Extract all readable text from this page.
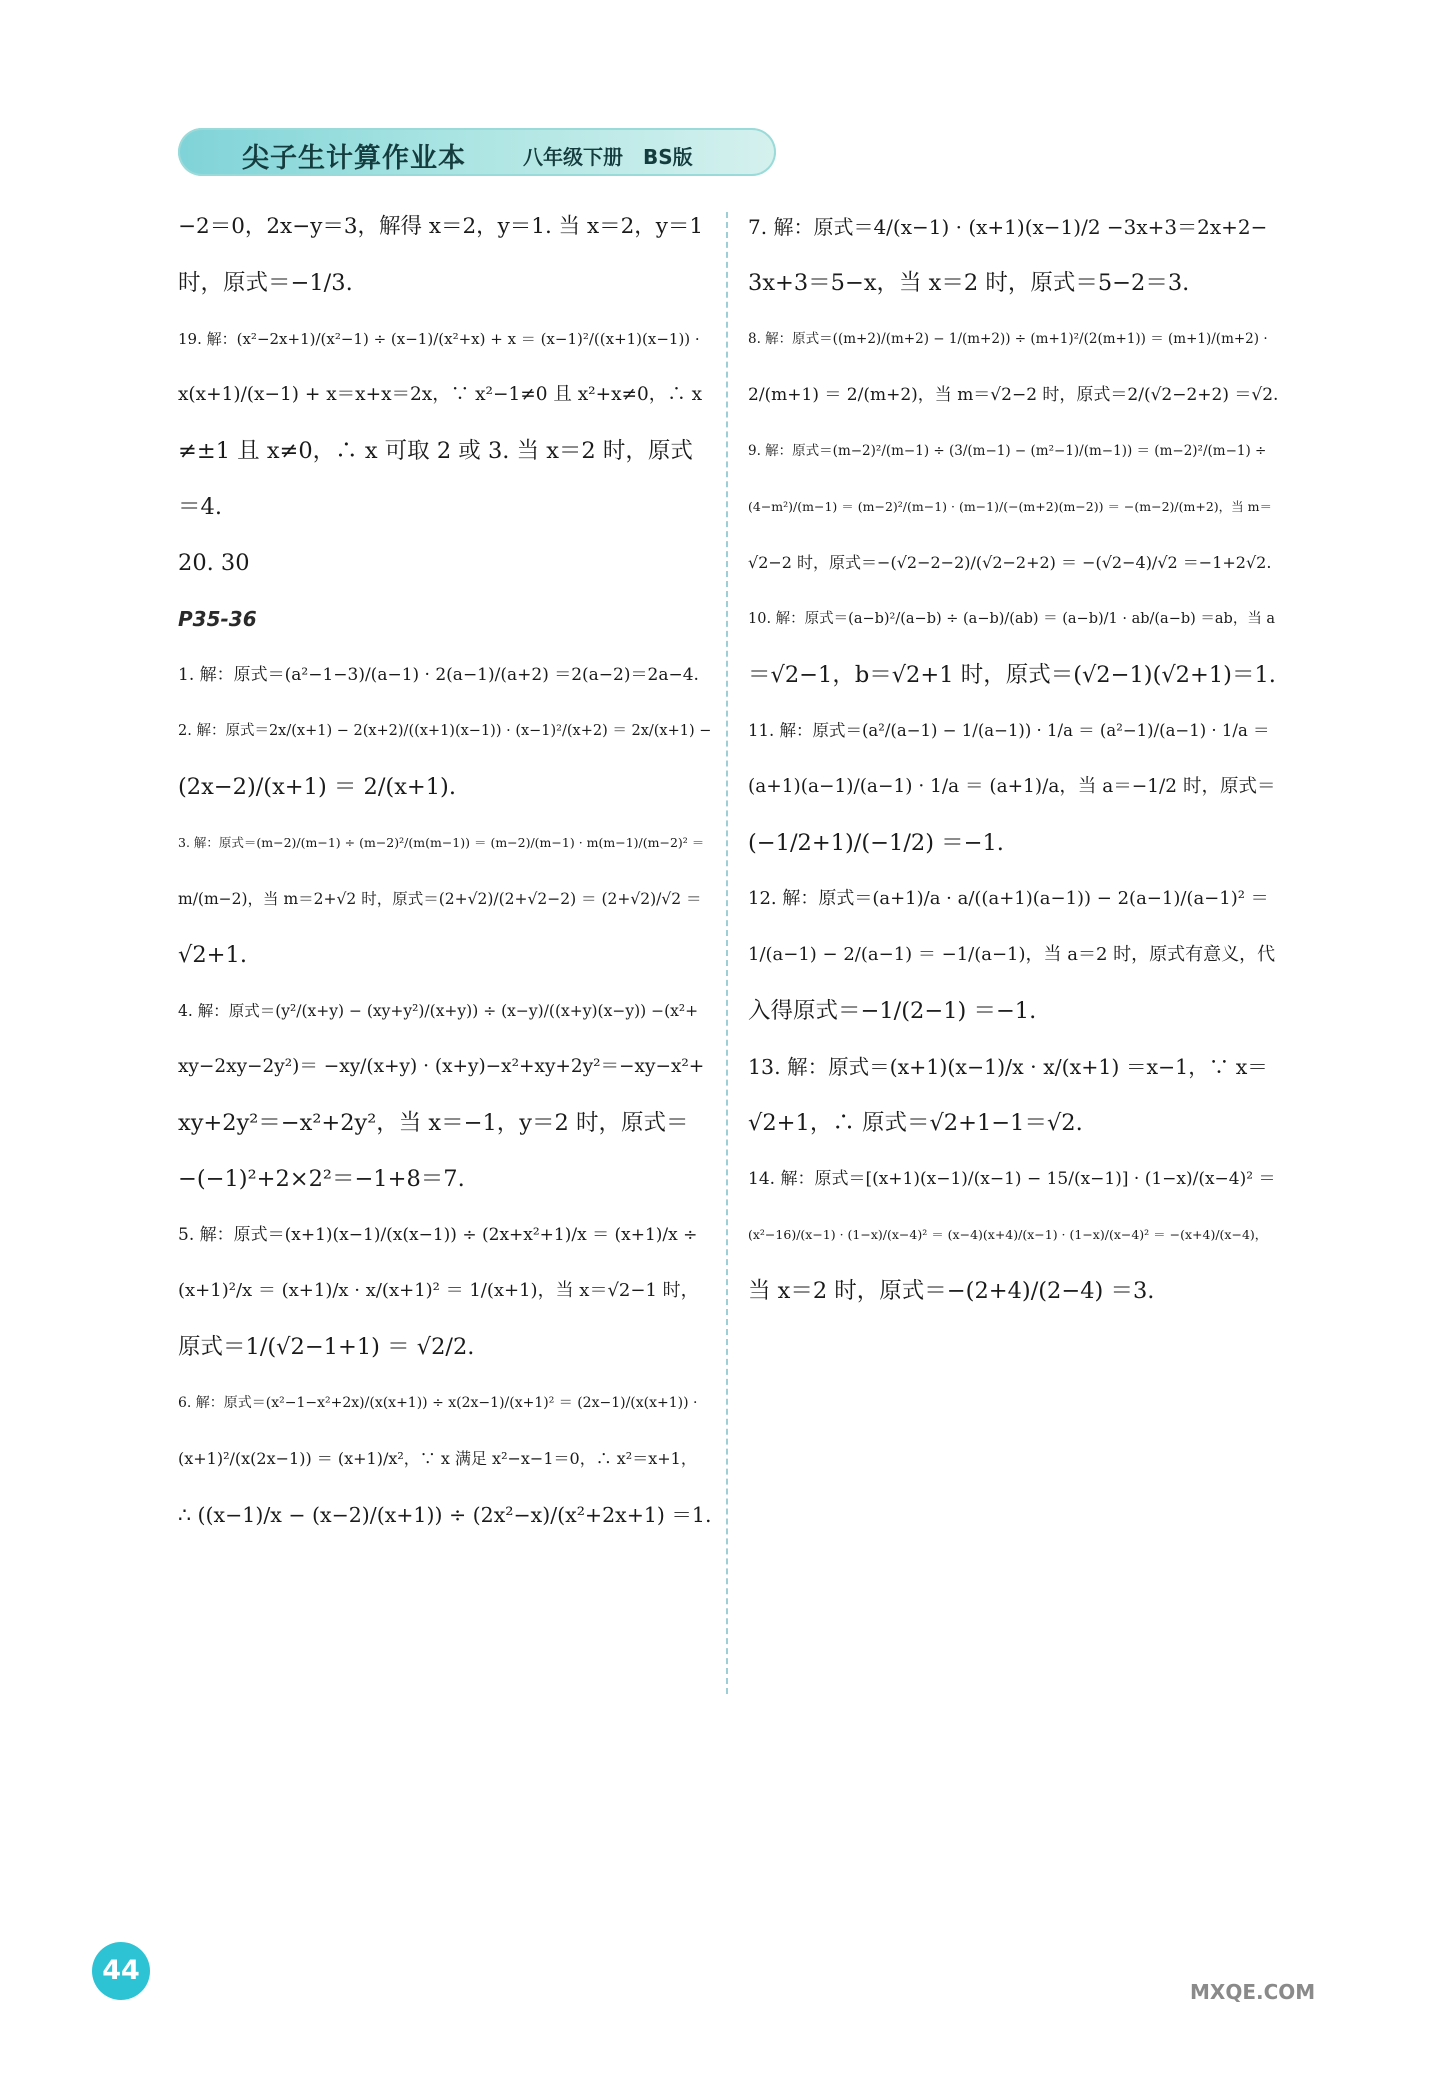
尖子生计算作业本	八年级下册　BS版
−2＝0，2x−y＝3，解得 x＝2，y＝1. 当 x＝2，y＝1
时，原式＝−1/3.
19. 解：(x²−2x+1)/(x²−1) ÷ (x−1)/(x²+x) + x ＝ (x−1)²/((x+1)(x−1)) ·
x(x+1)/(x−1) + x＝x+x＝2x，∵ x²−1≠0 且 x²+x≠0，∴ x
≠±1 且 x≠0，∴ x 可取 2 或 3. 当 x＝2 时，原式
＝4.
20. 30
P35-36
1. 解：原式＝(a²−1−3)/(a−1) · 2(a−1)/(a+2) ＝2(a−2)＝2a−4.
2. 解：原式＝2x/(x+1) − 2(x+2)/((x+1)(x−1)) · (x−1)²/(x+2) ＝ 2x/(x+1) −
(2x−2)/(x+1) ＝ 2/(x+1).
3. 解：原式＝(m−2)/(m−1) ÷ (m−2)²/(m(m−1)) ＝ (m−2)/(m−1) · m(m−1)/(m−2)² ＝
m/(m−2)，当 m＝2+√2 时，原式＝(2+√2)/(2+√2−2) ＝ (2+√2)/√2 ＝
√2+1.
4. 解：原式＝(y²/(x+y) − (xy+y²)/(x+y)) ÷ (x−y)/((x+y)(x−y)) −(x²+
xy−2xy−2y²)＝ −xy/(x+y) · (x+y)−x²+xy+2y²＝−xy−x²+
xy+2y²＝−x²+2y²，当 x＝−1，y＝2 时，原式＝
−(−1)²+2×2²＝−1+8＝7.
5. 解：原式＝(x+1)(x−1)/(x(x−1)) ÷ (2x+x²+1)/x ＝ (x+1)/x ÷
(x+1)²/x ＝ (x+1)/x · x/(x+1)² ＝ 1/(x+1)，当 x＝√2−1 时，
原式＝1/(√2−1+1) ＝ √2/2.
6. 解：原式＝(x²−1−x²+2x)/(x(x+1)) ÷ x(2x−1)/(x+1)² ＝ (2x−1)/(x(x+1)) ·
(x+1)²/(x(2x−1)) ＝ (x+1)/x²，∵ x 满足 x²−x−1＝0，∴ x²＝x+1，
∴ ((x−1)/x − (x−2)/(x+1)) ÷ (2x²−x)/(x²+2x+1) ＝1.
7. 解：原式＝4/(x−1) · (x+1)(x−1)/2 −3x+3＝2x+2−
3x+3＝5−x，当 x＝2 时，原式＝5−2＝3.
8. 解：原式＝((m+2)/(m+2) − 1/(m+2)) ÷ (m+1)²/(2(m+1)) ＝ (m+1)/(m+2) ·
2/(m+1) ＝ 2/(m+2)，当 m＝√2−2 时，原式＝2/(√2−2+2) ＝√2.
9. 解：原式＝(m−2)²/(m−1) ÷ (3/(m−1) − (m²−1)/(m−1)) ＝ (m−2)²/(m−1) ÷
(4−m²)/(m−1) ＝ (m−2)²/(m−1) · (m−1)/(−(m+2)(m−2)) ＝ −(m−2)/(m+2)，当 m＝
√2−2 时，原式＝−(√2−2−2)/(√2−2+2) ＝ −(√2−4)/√2 ＝−1+2√2.
10. 解：原式＝(a−b)²/(a−b) ÷ (a−b)/(ab) ＝ (a−b)/1 · ab/(a−b) ＝ab，当 a
＝√2−1，b＝√2+1 时，原式＝(√2−1)(√2+1)＝1.
11. 解：原式＝(a²/(a−1) − 1/(a−1)) · 1/a ＝ (a²−1)/(a−1) · 1/a ＝
(a+1)(a−1)/(a−1) · 1/a ＝ (a+1)/a，当 a＝−1/2 时，原式＝
(−1/2+1)/(−1/2) ＝−1.
12. 解：原式＝(a+1)/a · a/((a+1)(a−1)) − 2(a−1)/(a−1)² ＝
1/(a−1) − 2/(a−1) ＝ −1/(a−1)，当 a＝2 时，原式有意义，代
入得原式＝−1/(2−1) ＝−1.
13. 解：原式＝(x+1)(x−1)/x · x/(x+1) ＝x−1，∵ x＝
√2+1，∴ 原式＝√2+1−1＝√2.
14. 解：原式＝[(x+1)(x−1)/(x−1) − 15/(x−1)] · (1−x)/(x−4)² ＝
(x²−16)/(x−1) · (1−x)/(x−4)² ＝ (x−4)(x+4)/(x−1) · (1−x)/(x−4)² ＝ −(x+4)/(x−4)，
当 x＝2 时，原式＝−(2+4)/(2−4) ＝3.
44
MXQE.COM
